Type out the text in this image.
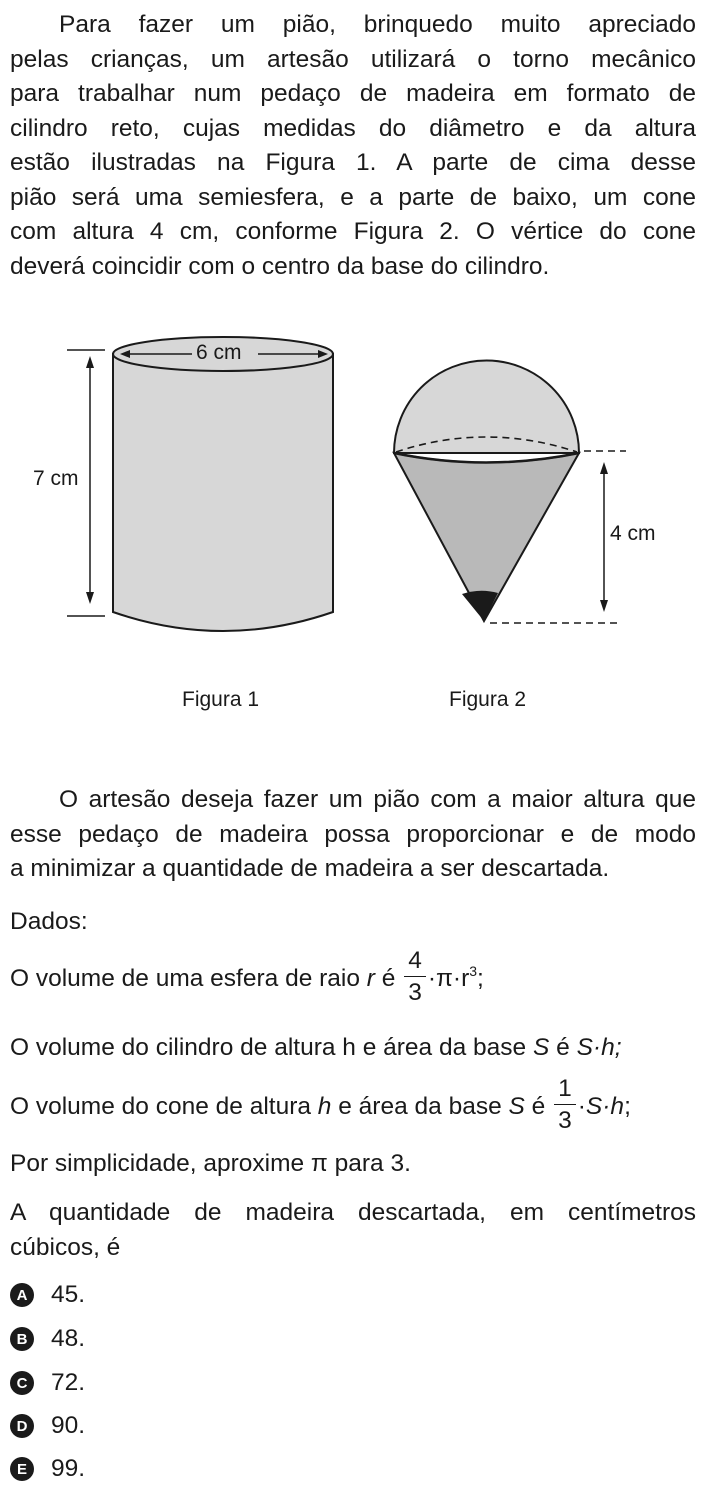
Para fazer um pião, brinquedo muito apreciado
pelas crianças, um artesão utilizará o torno mecânico
para trabalhar num pedaço de madeira em formato de
cilindro reto, cujas medidas do diâmetro e da altura
estão ilustradas na Figura 1. A parte de cima desse
pião será uma semiesfera, e a parte de baixo, um cone
com altura 4 cm, conforme Figura 2. O vértice do cone
deverá coincidir com o centro da base do cilindro.
6 cm
7 cm
4 cm
Figura 1	Figura 2
O artesão deseja fazer um pião com a maior altura que
esse pedaço de madeira possa proporcionar e de modo
a minimizar a quantidade de madeira a ser descartada.
Dados:
O volume de uma esfera de raio r é $\frac{4}{3} \cdot\pi\cdot r^3$;
O volume do cilindro de altura h e área da base S é S·h;
O volume do cone de altura h e área da base S é $\frac{1}{3} \cdot S\cdot h$;
Por simplicidade, aproxime π para 3.
A quantidade de madeira descartada, em centímetros
cúbicos, é
A 45.
B 48.
C 72.
D 90.
E 99.
